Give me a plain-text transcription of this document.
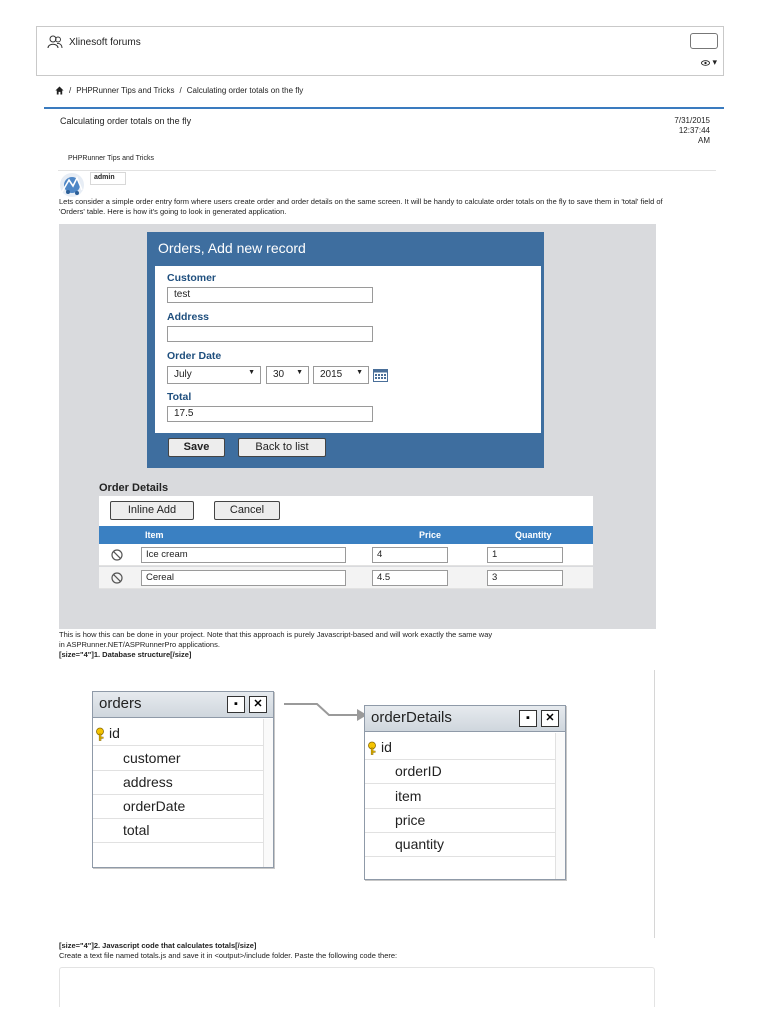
Xlinesoft forums
▾
/ PHPRunner Tips and Tricks / Calculating order totals on the fly
Calculating order totals on the fly	7/31/2015
12:37:44
AM
PHPRunner Tips and Tricks
admin
Lets consider a simple order entry form where users create order and order details on the same screen. It will be handy to calculate order totals on the fly to save them in 'total' field of 'Orders' table. Here is how it's going to look in generated application.
Orders, Add new record
Customer
test
Address
Order Date
July	▼	30 ▼	2015 ▼
Total
17.5
Save	Back to list
Order Details
Inline Add	Cancel
Item	Price	Quantity
Ice cream	4	1
Cereal	4.5	3
This is how this can be done in your project. Note that this approach is purely Javascript-based and will work exactly the same way
in ASPRunner.NET/ASPRunnerPro applications.
[size="4"]1. Database structure[/size]
orders	▪	✕
id
customer
address
orderDate
total
orderDetails	▪	✕
id
orderID
item
price
quantity
[size="4"]2. Javascript code that calculates totals[/size]
Create a text file named totals.js and save it in <output>/include folder. Paste the following code there:
